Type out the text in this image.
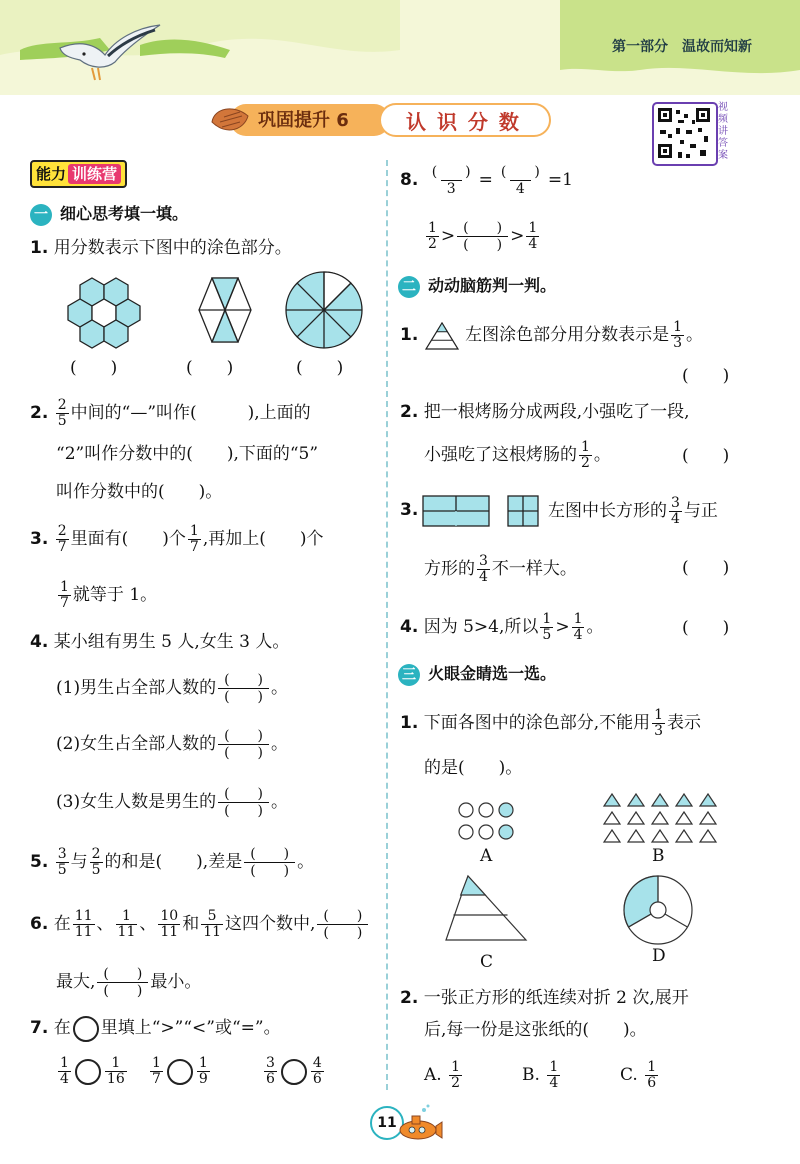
第一部分　温故而知新
巩固提升 6	认 识 分 数
视频讲答案
能力 训练营
一 细心思考填一填。
1. 用分数表示下图中的涂色部分。
(　　)	(　　)	(　　)
2. $\frac{2}{5}$ 中间的“—”叫作(　　　),上面的
“2”叫作分数中的(　　),下面的“5”
叫作分数中的(　　)。
3. $\frac{2}{7}$ 里面有(　　)个 $\frac{1}{7}$ ,再加上(　　)个
$\frac{1}{7}$ 就等于 1。
4. 某小组有男生 5 人,女生 3 人。
(1)男生占全部人数的 $\frac{( )}{( )}$ 。
(2)女生占全部人数的 $\frac{( )}{( )}$ 。
(3)女生人数是男生的 $\frac{( )}{( )}$ 。
5. $\frac{3}{5}$ 与 $\frac{2}{5}$ 的和是(　　),差是 $\frac{( )}{( )}$ 。
6. 在 $\frac{11}{11}$ 、 $\frac{1}{11}$ 、 $\frac{10}{11}$ 和 $\frac{5}{11}$ 这四个数中, $\frac{( )}{( )}$
最大, $\frac{( )}{( )}$ 最小。
7. 在 里填上“>”“<”或“=”。
$\frac{1}{4} \frac{1}{16} \frac{1}{7} \frac{1}{9}$	$\frac{3}{6} \frac{4}{6}$
8. $\frac{( )}{3} = \frac{( )}{4} =1$
$\frac{1}{2} > \frac{( )}{( )} > \frac{1}{4}$
二 动动脑筋判一判。
1.	左图涂色部分用分数表示是 $\frac{1}{3}$ 。
(　　)
2. 把一根烤肠分成两段,小强吃了一段,
小强吃了这根烤肠的 $\frac{1}{2}$ 。	(　　)
3.	左图中长方形的 $\frac{3}{4}$ 与正
方形的 $\frac{3}{4}$ 不一样大。	(　　)
4. 因为 5>4,所以 $\frac{1}{5} > \frac{1}{4}$ 。	(　　)
三 火眼金睛选一选。
1. 下面各图中的涂色部分,不能用 $\frac{1}{3}$ 表示
的是(　　)。
A	B
C	D
2. 一张正方形的纸连续对折 2 次,展开
后,每一份是这张纸的(　　)。
A. $\frac{1}{2}$	B. $\frac{1}{4}$	C. $\frac{1}{6}$
11
